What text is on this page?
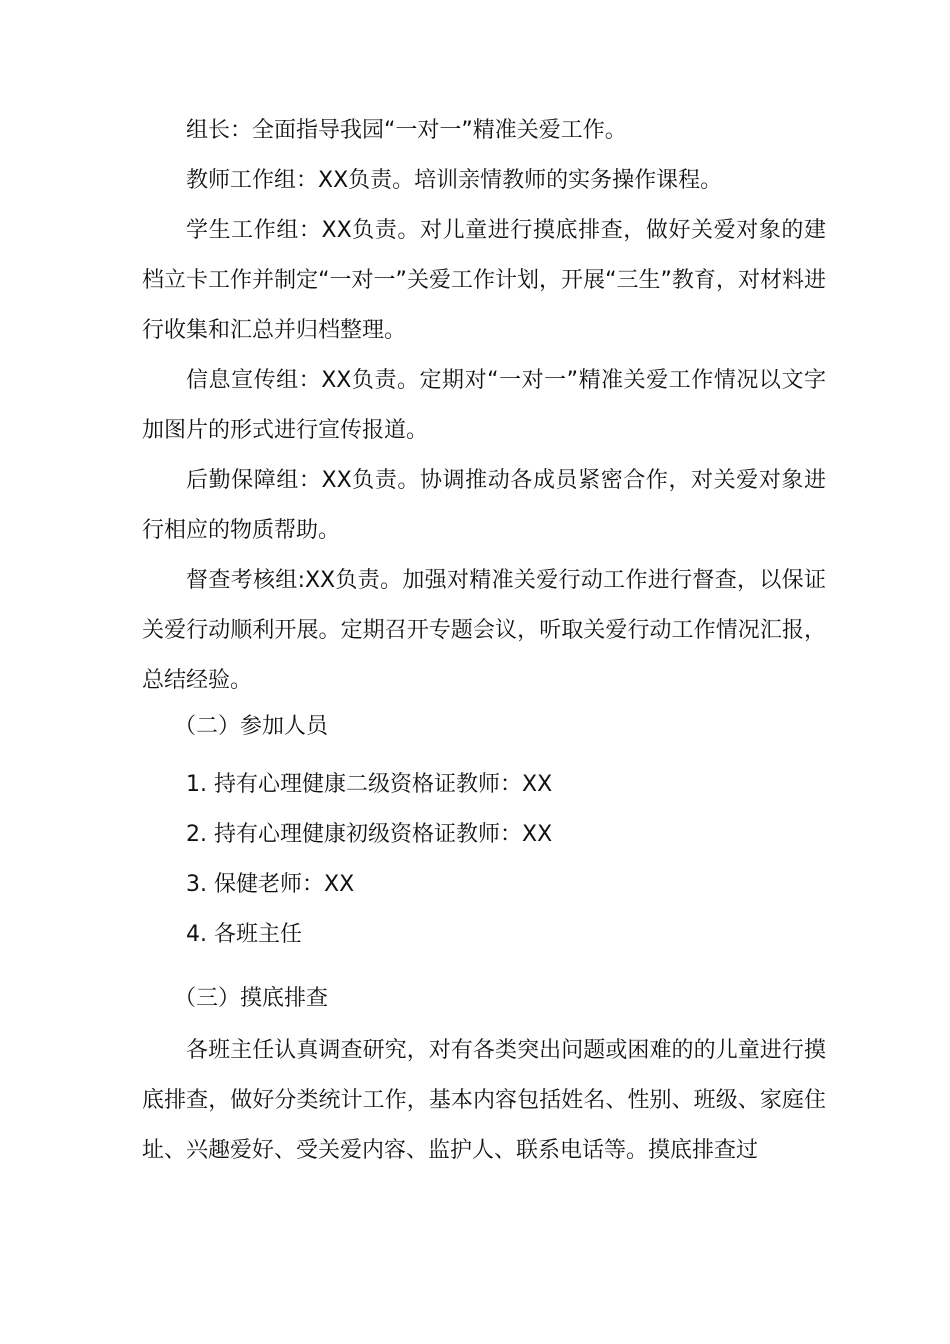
组长：全面指导我园“一对一”精准关爱工作。

教师工作组：XX负责。培训亲情教师的实务操作课程。

学生工作组：XX负责。对儿童进行摸底排查，做好关爱对象的建档立卡工作并制定“一对一”关爱工作计划，开展“三生”教育，对材料进行收集和汇总并归档整理。

信息宣传组：XX负责。定期对“一对一”精准关爱工作情况以文字加图片的形式进行宣传报道。

后勤保障组：XX负责。协调推动各成员紧密合作，对关爱对象进行相应的物质帮助。

督查考核组:XX负责。加强对精准关爱行动工作进行督查，以保证关爱行动顺利开展。定期召开专题会议，听取关爱行动工作情况汇报，总结经验。

（二）参加人员

1. 持有心理健康二级资格证教师：XX

2. 持有心理健康初级资格证教师：XX

3. 保健老师：XX

4. 各班主任

（三）摸底排查

各班主任认真调查研究，对有各类突出问题或困难的的儿童进行摸底排查，做好分类统计工作，基本内容包括姓名、性别、班级、家庭住址、兴趣爱好、受关爱内容、监护人、联系电话等。摸底排查过
